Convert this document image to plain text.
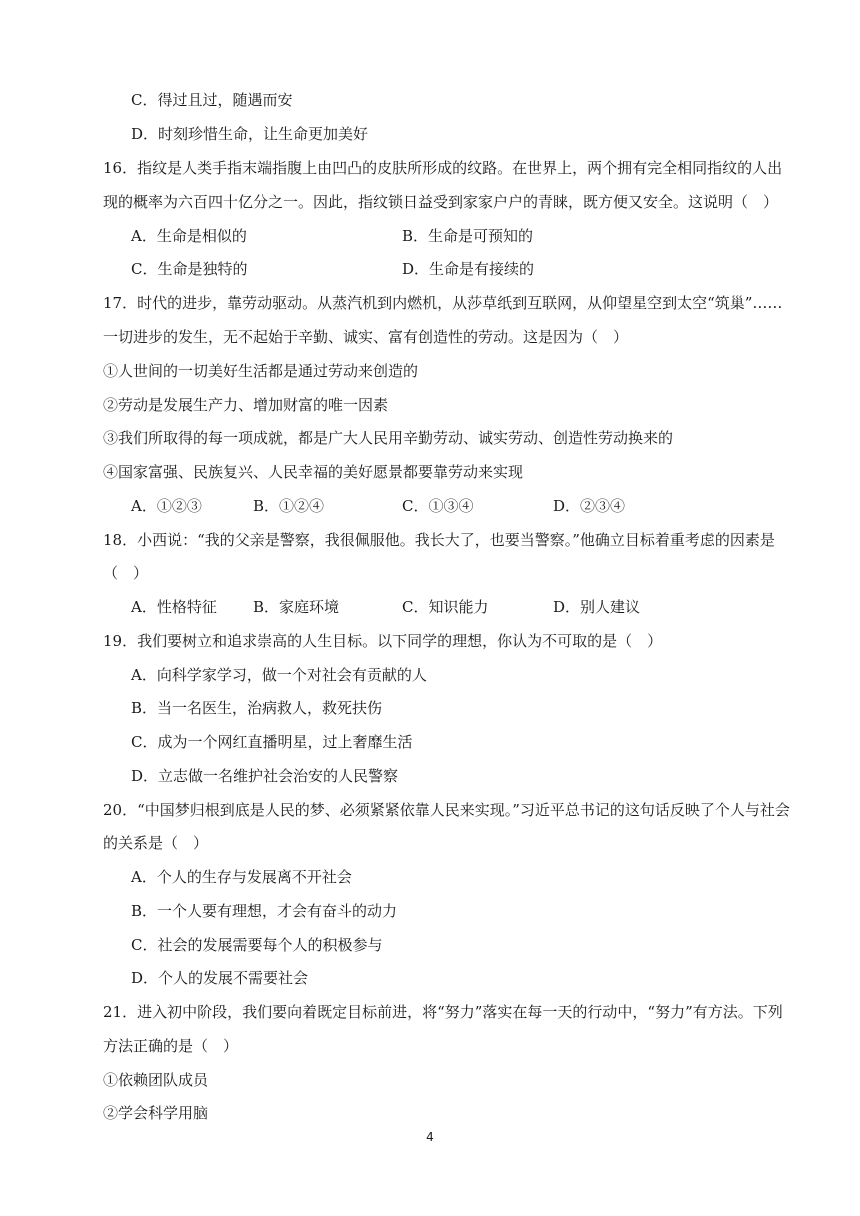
C．得过且过，随遇而安
D．时刻珍惜生命，让生命更加美好
16．指纹是人类手指末端指腹上由凹凸的皮肤所形成的纹路。在世界上，两个拥有完全相同指纹的人出
现的概率为六百四十亿分之一。因此，指纹锁日益受到家家户户的青睐，既方便又安全。这说明（　）
A．生命是相似的	B．生命是可预知的
C．生命是独特的	D．生命是有接续的
17．时代的进步，靠劳动驱动。从蒸汽机到内燃机，从莎草纸到互联网，从仰望星空到太空“筑巢”……
一切进步的发生，无不起始于辛勤、诚实、富有创造性的劳动。这是因为（　）
①人世间的一切美好生活都是通过劳动来创造的
②劳动是发展生产力、增加财富的唯一因素
③我们所取得的每一项成就，都是广大人民用辛勤劳动、诚实劳动、创造性劳动换来的
④国家富强、民族复兴、人民幸福的美好愿景都要靠劳动来实现
A．①②③	B．①②④	C．①③④	D．②③④
18．小西说：“我的父亲是警察，我很佩服他。我长大了，也要当警察。”他确立目标着重考虑的因素是
（　）
A．性格特征 B．家庭环境	C．知识能力	D．别人建议
19．我们要树立和追求崇高的人生目标。以下同学的理想，你认为不可取的是（　）
A．向科学家学习，做一个对社会有贡献的人
B．当一名医生，治病救人，救死扶伤
C．成为一个网红直播明星，过上奢靡生活
D．立志做一名维护社会治安的人民警察
20．“中国梦归根到底是人民的梦、必须紧紧依靠人民来实现。”习近平总书记的这句话反映了个人与社会
的关系是（　）
A．个人的生存与发展离不开社会
B．一个人要有理想，才会有奋斗的动力
C．社会的发展需要每个人的积极参与
D．个人的发展不需要社会
21．进入初中阶段，我们要向着既定目标前进，将“努力”落实在每一天的行动中，“努力”有方法。下列
方法正确的是（　）
①依赖团队成员
②学会科学用脑
4
